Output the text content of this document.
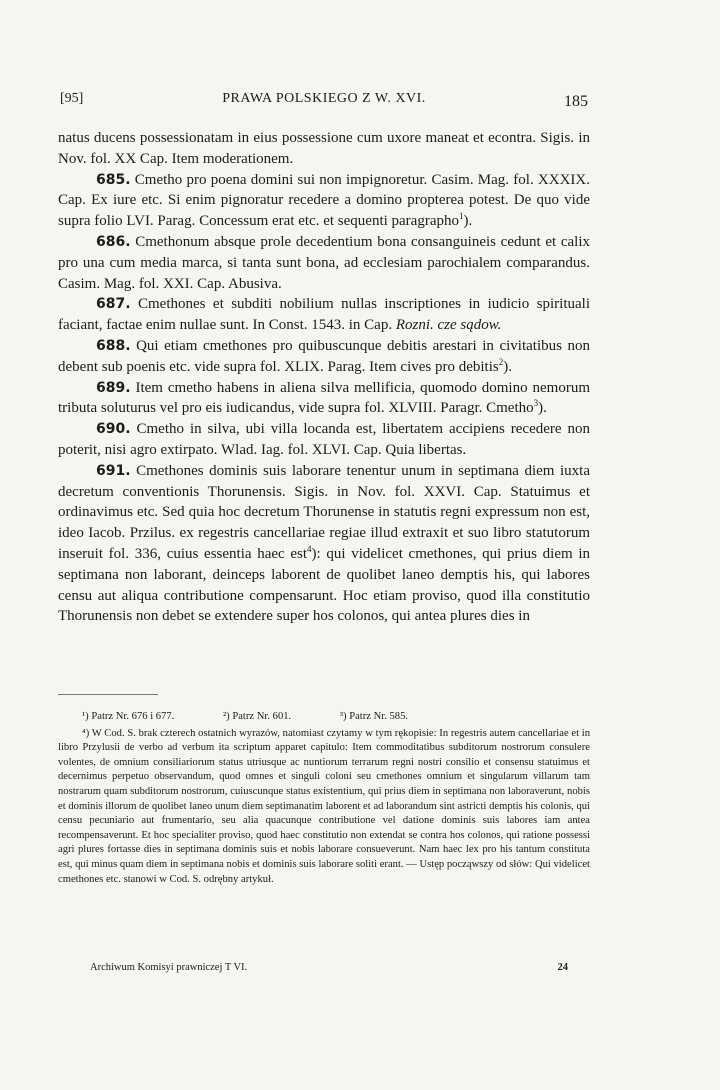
[95]	PRAWA POLSKIEGO Z W. XVI.	185

natus ducens possessionatam in eius possessione cum uxore maneat et econtra. Sigis. in Nov. fol. XX Cap. Item moderationem.

685. Cmetho pro poena domini sui non impignoretur. Casim. Mag. fol. XXXIX. Cap. Ex iure etc. Si enim pignoratur recedere a domino propterea potest. De quo vide supra folio LVI. Parag. Concessum erat etc. et sequenti paragrapho$^1$).

686. Cmethonum absque prole decedentium bona consanguineis cedunt et calix pro una cum media marca, si tanta sunt bona, ad ecclesiam parochialem comparandus. Casim. Mag. fol. XXI. Cap. Abusiva.

687. Cmethones et subditi nobilium nullas inscriptiones in iudicio spirituali faciant, factae enim nullae sunt. In Const. 1543. in Cap. Rozni. cze sądow.

688. Qui etiam cmethones pro quibuscunque debitis arestari in civitatibus non debent sub poenis etc. vide supra fol. XLIX. Parag. Item cives pro debitis$^2$).

689. Item cmetho habens in aliena silva mellificia, quomodo domino nemorum tributa soluturus vel pro eis iudicandus, vide supra fol. XLVIII. Paragr. Cmetho$^3$).

690. Cmetho in silva, ubi villa locanda est, libertatem accipiens recedere non poterit, nisi agro extirpato. Wlad. Iag. fol. XLVI. Cap. Quia libertas.

691. Cmethones dominis suis laborare tenentur unum in septimana diem iuxta decretum conventionis Thorunensis. Sigis. in Nov. fol. XXVI. Cap. Statuimus et ordinavimus etc. Sed quia hoc decretum Thorunense in statutis regni expressum non est, ideo Iacob. Przilus. ex regestris cancellariae regiae illud extraxit et suo libro statutorum inseruit fol. 336, cuius essentia haec est$^4$): qui videlicet cmethones, qui prius diem in septimana non laborant, deinceps laborent de quolibet laneo demptis his, qui labores censu aut aliqua contributione compensarunt. Hoc etiam proviso, quod illa constitutio Thorunensis non debet se extendere super hos colonos, qui antea plures dies in

¹) Patrz Nr. 676 i 677.	²) Patrz Nr. 601.	³) Patrz Nr. 585.

⁴) W Cod. S. brak czterech ostatnich wyrazów, natomiast czytamy w tym rękopisie: In regestris autem cancellariae et in libro Przylusii de verbo ad verbum ita scriptum apparet capitulo: Item commoditatibus subditorum nostrorum consulere volentes, de omnium consiliariorum status utriusque ac nuntiorum terrarum regni nostri consilio et consensu statuimus et decernimus perpetuo observandum, quod omnes et singuli coloni seu cmethones omnium et singularum villarum tam nostrarum quam subditorum nostrorum, cuiuscunque status existentium, qui prius diem in septimana non laboraverunt, nobis et dominis illorum de quolibet laneo unum diem septimanatim laborent et ad laborandum sint astricti demptis his colonis, qui censu pecuniario aut frumentario, seu alia quacunque contributione vel datione dominis suis labores iam antea recompensaverunt. Et hoc specialiter proviso, quod haec constitutio non extendat se contra hos colonos, qui ratione possessi agri plures fortasse dies in septimana dominis suis et nobis laborare consueverunt. Nam haec lex pro his tantum constituta est, qui minus quam diem in septimana nobis et dominis suis laborare soliti erant. — Ustęp począwszy od słów: Qui videlicet cmethones etc. stanowi w Cod. S. odrębny artykuł.

Archiwum Komisyi prawniczej T VI.	24
